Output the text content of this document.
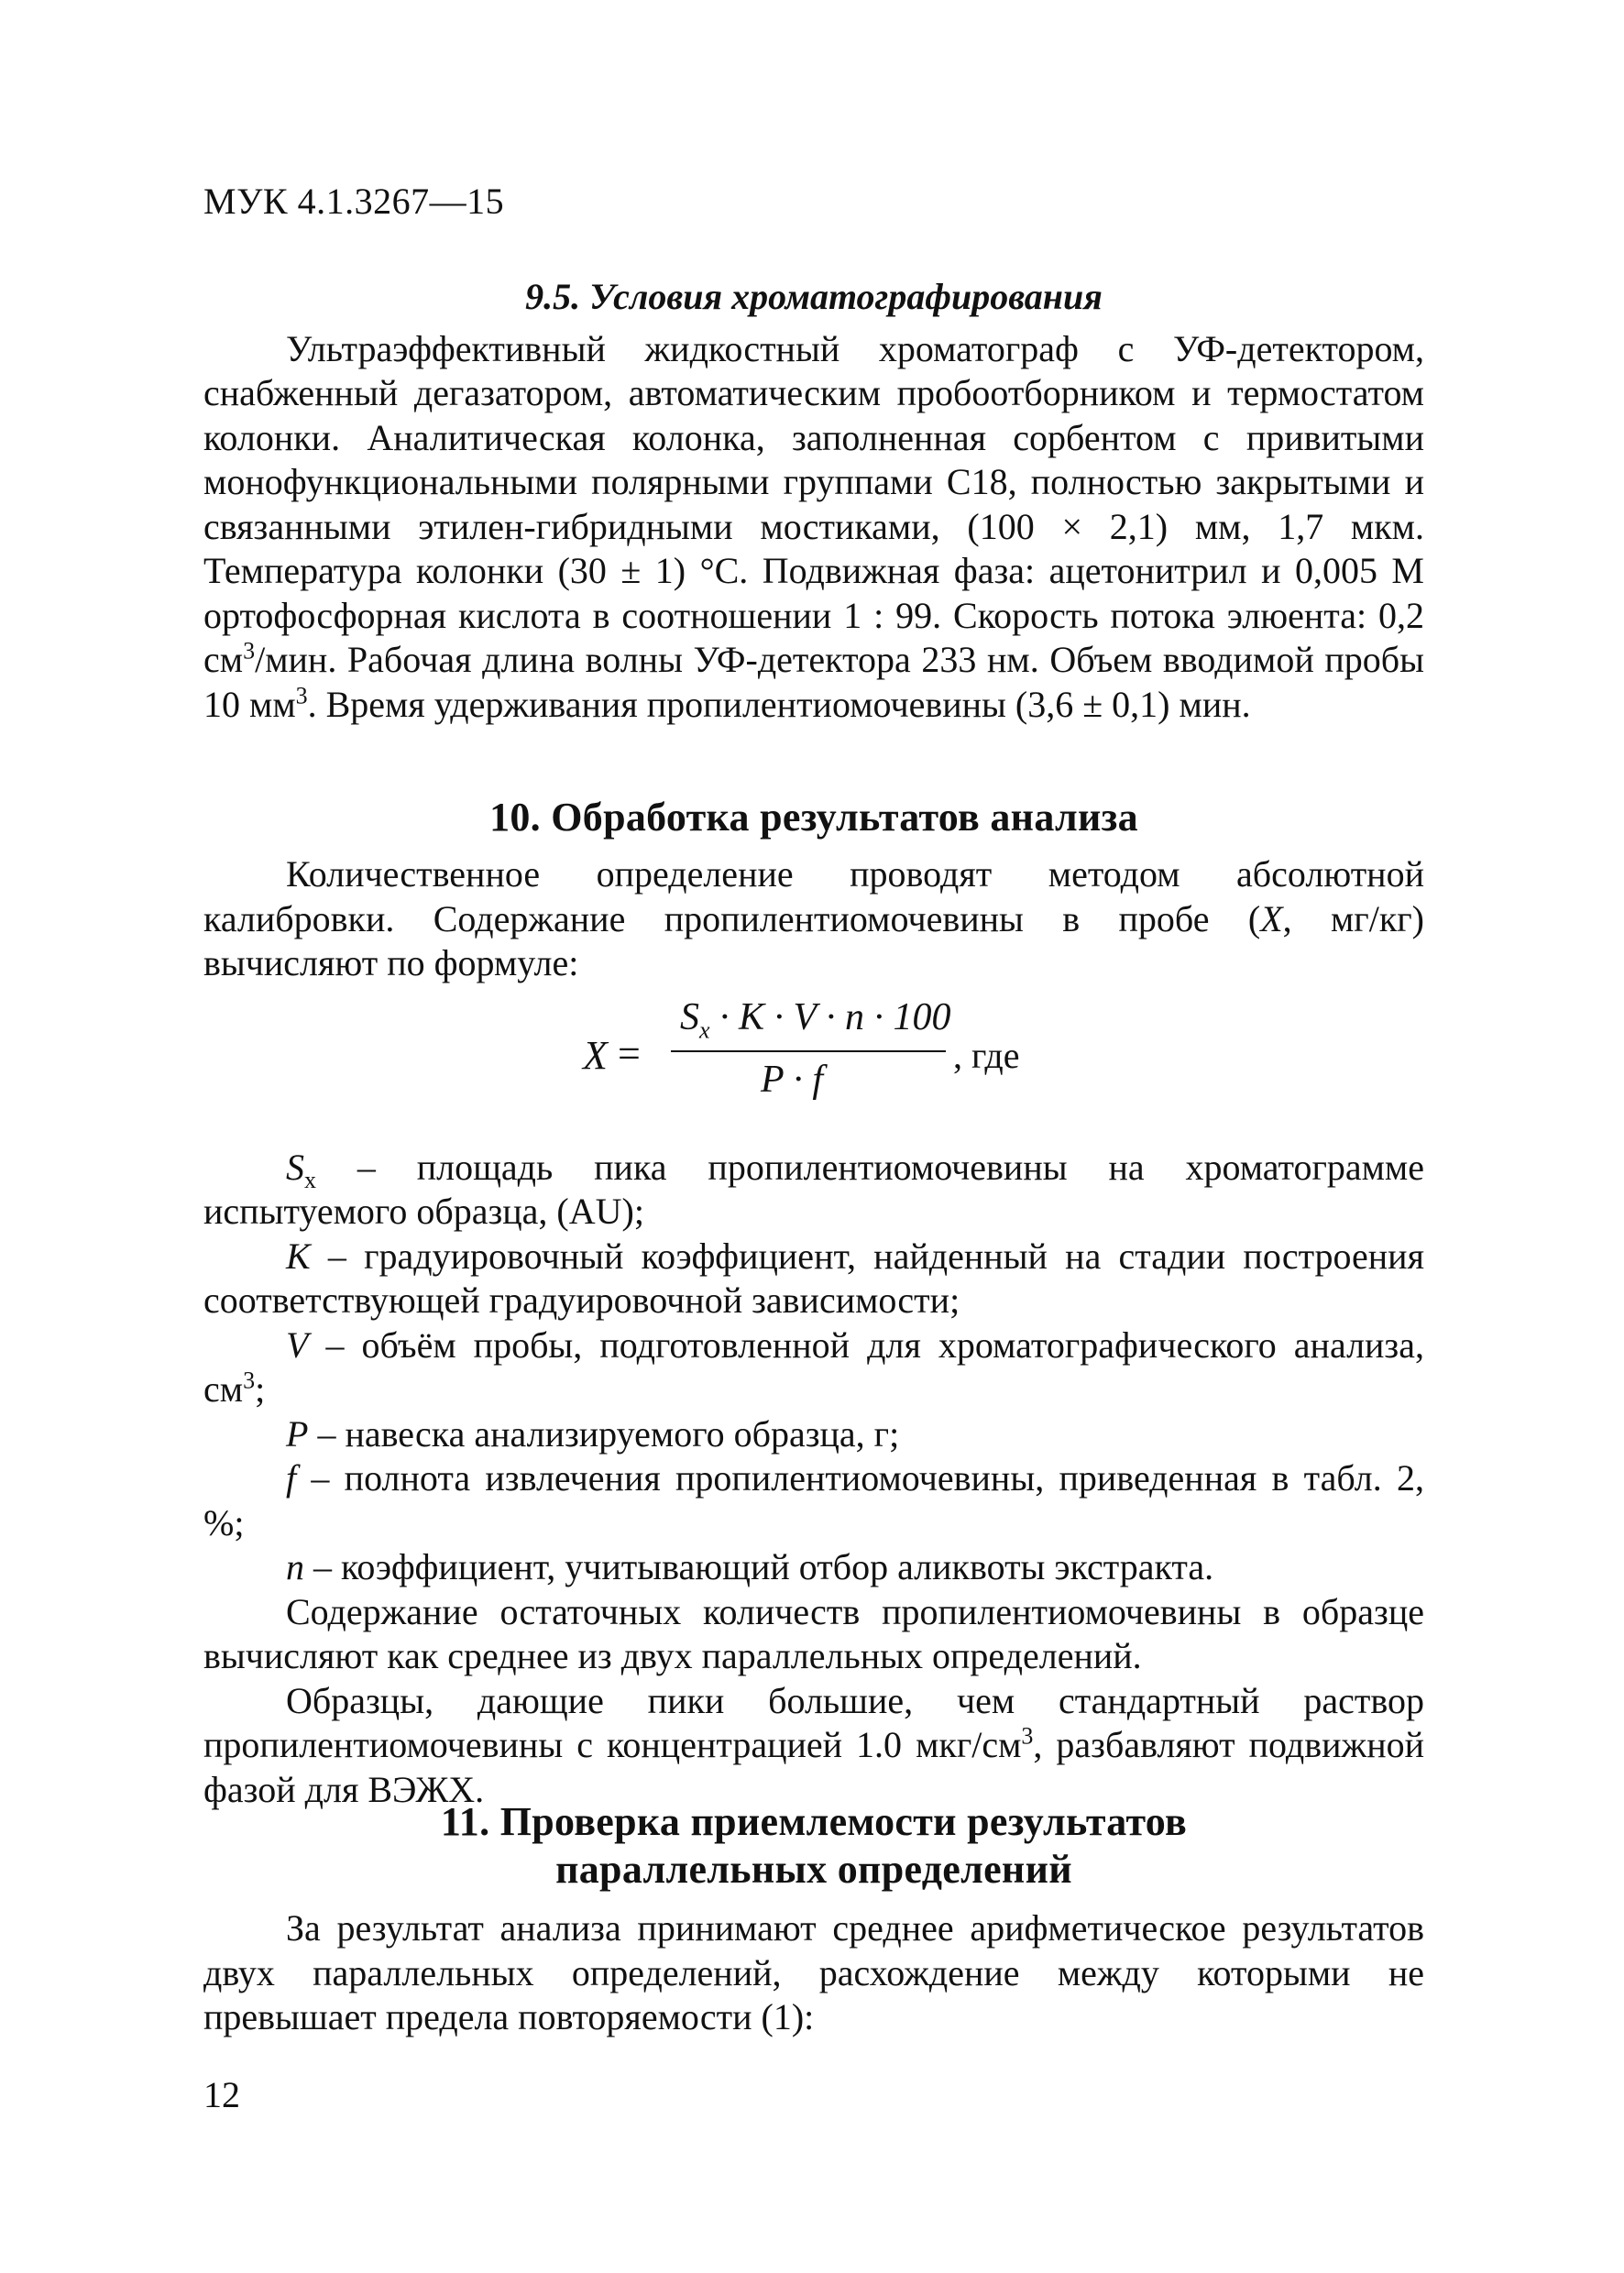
МУК 4.1.3267—15
9.5. Условия хроматографирования

Ультраэффективный жидкостный хроматограф с УФ-детектором, снабженный дегазатором, автоматическим пробоотборником и термостатом колонки. Аналитическая колонка, заполненная сорбентом с привитыми монофункциональными полярными группами С18, полностью закрытыми и связанными этилен-гибридными мостиками, (100 × 2,1) мм, 1,7 мкм. Температура колонки (30 ± 1) °С. Подвижная фаза: ацетонитрил и 0,005 М ортофосфорная кислота в соотношении 1 : 99. Скорость потока элюента: 0,2 $см^3$/мин. Рабочая длина волны УФ-детектора 233 нм. Объем вводимой пробы 10 $мм^3$. Время удерживания пропилентиомочевины (3,6 ± 0,1) мин.

10. Обработка результатов анализа

Количественное определение проводят методом абсолютной калибровки. Содержание пропилентиомочевины в пробе (X, мг/кг) вычисляют по формуле:

X =
$S_x \cdot K \cdot V \cdot n \cdot 100$
P · f
, где
$S_x$ – площадь пика пропилентиомочевины на хроматограмме испытуемого образца, (AU);
K – градуировочный коэффициент, найденный на стадии построения соответствующей градуировочной зависимости;
V – объём пробы, подготовленной для хроматографического анализа, $см^3$;
P – навеска анализируемого образца, г;
f – полнота извлечения пропилентиомочевины, приведенная в табл. 2, %;
n – коэффициент, учитывающий отбор аликвоты экстракта.

Содержание остаточных количеств пропилентиомочевины в образце вычисляют как среднее из двух параллельных определений.

Образцы, дающие пики большие, чем стандартный раствор пропилентиомочевины с концентрацией 1.0 мкг/$см^3$, разбавляют подвижной фазой для ВЭЖХ.

11. Проверка приемлемости результатов
параллельных определений

За результат анализа принимают среднее арифметическое результатов двух параллельных определений, расхождение между которыми не превышает предела повторяемости (1):

12
